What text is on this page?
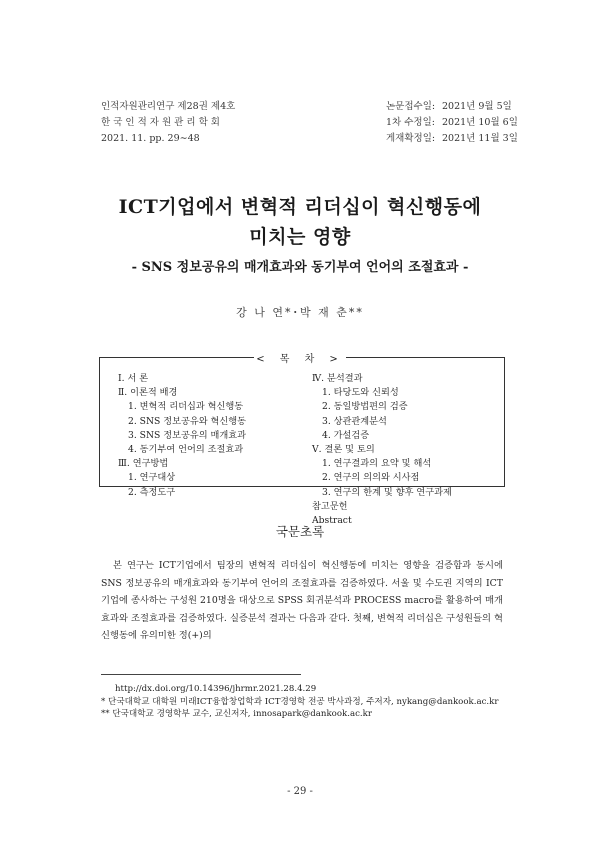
인적자원관리연구 제28권 제4호
한 국 인 적 자 원 관 리 학 회
2021. 11. pp. 29∼48
논문접수일: 2021년 9월 5일
1차 수정일: 2021년 10월 6일
게재확정일: 2021년 11월 3일
ICT기업에서 변혁적 리더십이 혁신행동에
미치는 영향
- SNS 정보공유의 매개효과와 동기부여 언어의 조절효과 -
강 나 연*･박 재 춘**
< 목 차 >
Ⅰ. 서 론
Ⅱ. 이론적 배경
1. 변혁적 리더십과 혁신행동
2. SNS 정보공유와 혁신행동
3. SNS 정보공유의 매개효과
4. 동기부여 언어의 조절효과
Ⅲ. 연구방법
1. 연구대상
2. 측정도구
Ⅳ. 분석결과
1. 타당도와 신뢰성
2. 동일방법편의 검증
3. 상관관계분석
4. 가설검증
Ⅴ. 결론 및 토의
1. 연구결과의 요약 및 해석
2. 연구의 의의와 시사점
3. 연구의 한계 및 향후 연구과제
참고문헌
Abstract
국문초록
본 연구는 ICT기업에서 팀장의 변혁적 리더십이 혁신행동에 미치는 영향을 검증함과 동시에 SNS 정보공유의 매개효과와 동기부여 언어의 조절효과를 검증하였다. 서울 및 수도권 지역의 ICT기업에 종사하는 구성원 210명을 대상으로 SPSS 회귀분석과 PROCESS macro를 활용하여 매개효과와 조절효과를 검증하였다. 실증분석 결과는 다음과 같다. 첫째, 변혁적 리더십은 구성원들의 혁신행동에 유의미한 정(+)의
http://dx.doi.org/10.14396/jhrmr.2021.28.4.29
* 단국대학교 대학원 미래ICT융합창업학과 ICT경영학 전공 박사과정, 주저자, nykang@dankook.ac.kr
** 단국대학교 경영학부 교수, 교신저자, innosapark@dankook.ac.kr
- 29 -
